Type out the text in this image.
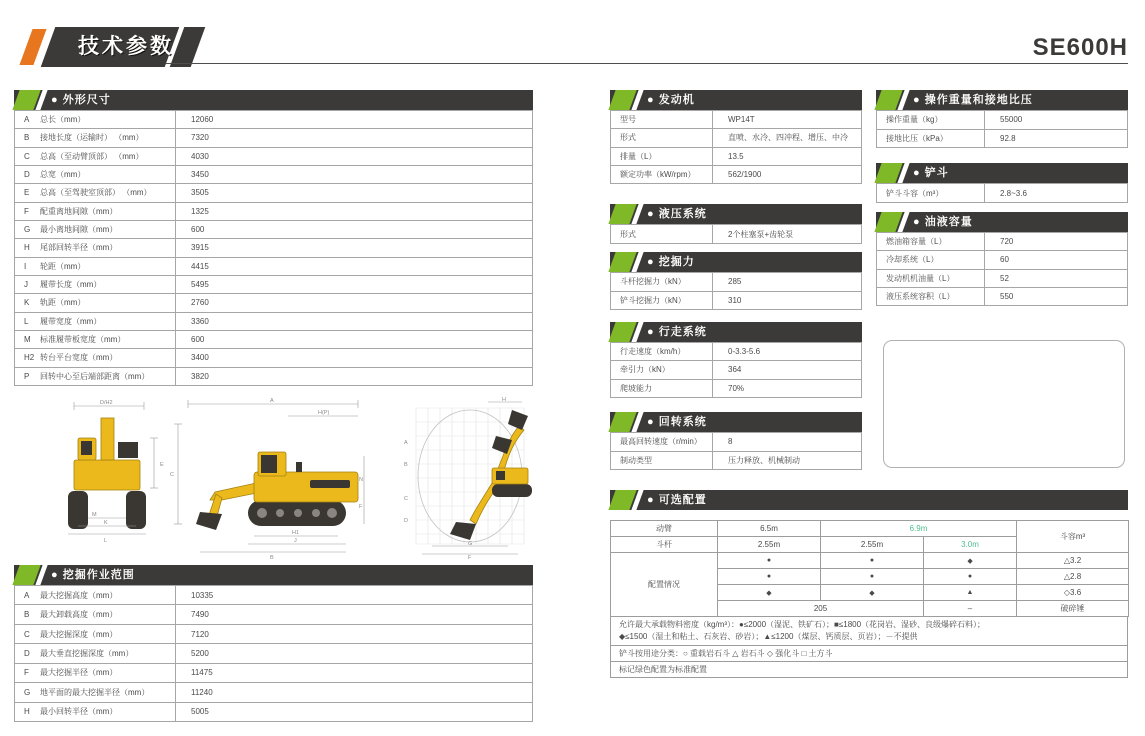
技术参数	SE600H
● 外形尺寸
A	总长（mm）	12060
B	接地长度（运输时） （mm）	7320
C	总高（至动臂顶部） （mm）	4030
D	总宽（mm）	3450
E	总高（至驾驶室顶部） （mm）	3505
F	配重离地间隙（mm）	1325
G	最小离地间隙（mm）	600
H	尾部回转半径（mm）	3915
I	轮距（mm）	4415
J	履带长度（mm）	5495
K	轨距（mm）	2760
L	履带宽度（mm）	3360
M	标准履带板宽度（mm）	600
H2 转台平台宽度（mm）	3400
P	回转中心至后端部距离（mm）	3820
D/H2
E
M
K
L
A
H(P)
C
N
F
H1
J
B
H
A
B
C
D
G
F
● 挖掘作业范围
A	最大挖掘高度（mm）	10335
B	最大卸载高度（mm）	7490
C	最大挖掘深度（mm）	7120
D	最大垂直挖掘深度（mm）	5200
F	最大挖掘半径（mm）	11475
G	地平面的最大挖掘半径（mm）	11240
H	最小回转半径（mm）	5005
● 发动机
型号	WP14T
形式	直喷、水冷、四冲程、增压、中冷
排量（L）	13.5
额定功率（kW/rpm）	562/1900
● 液压系统
形式	2个柱塞泵+齿轮泵
● 挖掘力
斗杆挖掘力（kN）	285
铲斗挖掘力（kN）	310
● 行走系统
行走速度（km/h）	0-3.3-5.6
牵引力（kN）	364
爬坡能力	70%
● 回转系统
最高回转速度（r/min）	8
制动类型	压力释放、机械制动
● 操作重量和接地比压
操作重量（kg）	55000
接地比压（kPa）	92.8
● 铲斗
铲斗斗容（m³）	2.8~3.6
● 油液容量
燃油箱容量（L）	720
冷却系统（L）	60
发动机机油量（L）	52
液压系统容积（L）	550
● 可选配置
动臂	6.5m	6.9m		斗容m³
斗杆	2.55m	2.55m	3.0m	
配置情况	●	●	◆	△3.2
	●	●	●	△2.8
	◆	◆	▲	◇3.6
	205		–	破碎锤
允许最大承载物料密度（kg/m³）：●≤2000（湿泥、铁矿石）；■≤1800（花岗岩、湿砂、良级爆碎石料）；
◆≤1500（湿土和粘土、石灰岩、砂岩）；▲≤1200（煤层、钙质层、页岩）；－不提供
铲斗按用途分类：○ 重载岩石斗 △ 岩石斗 ◇ 强化斗 □ 土方斗
标记绿色配置为标准配置
